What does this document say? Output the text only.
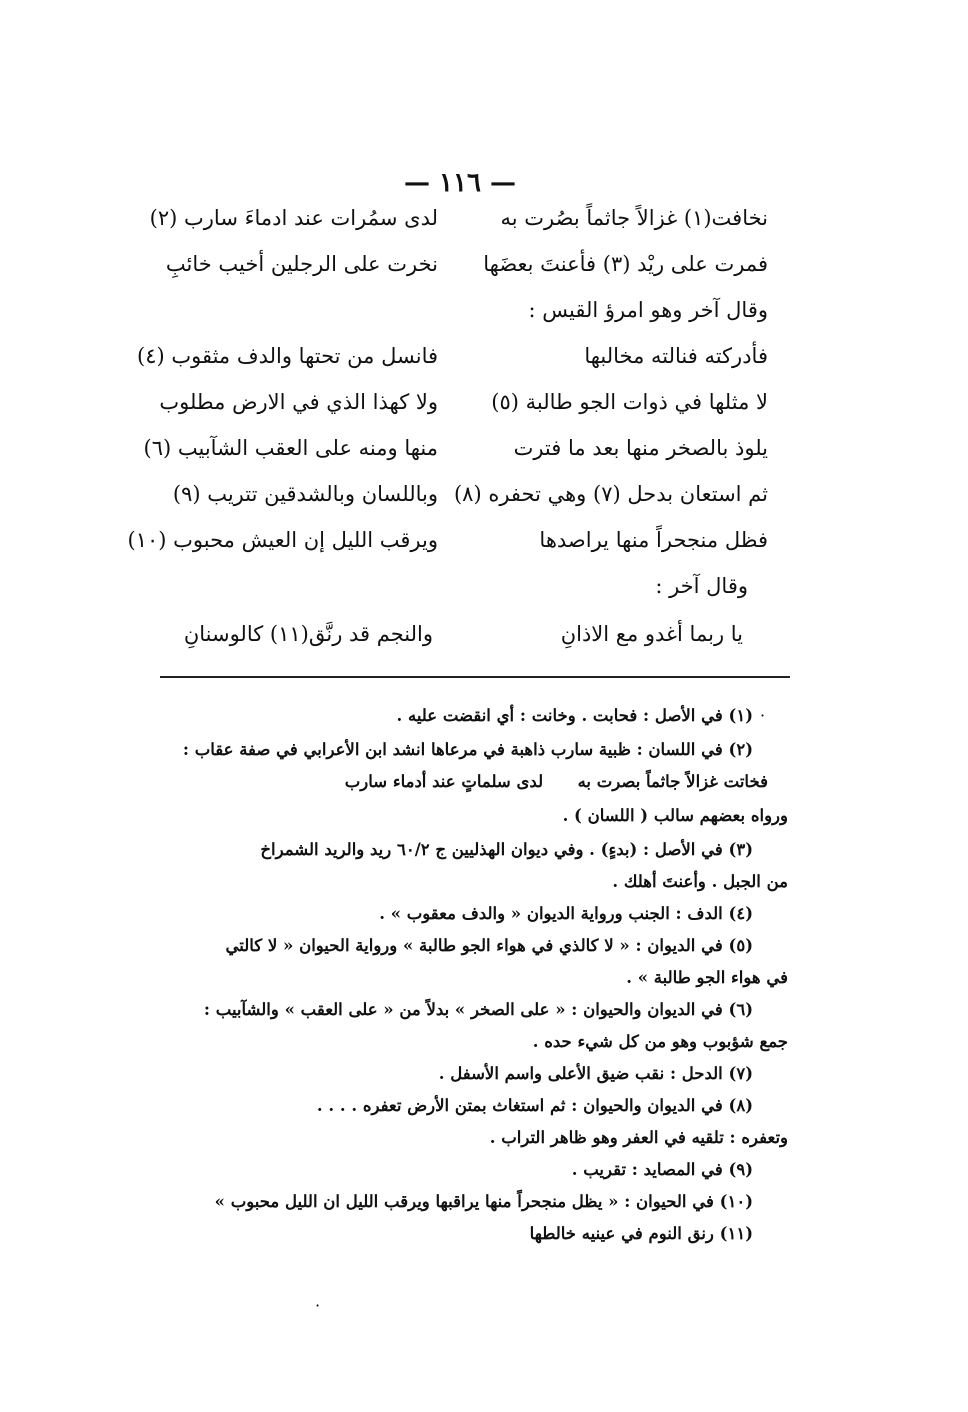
— ١١٦ —
نخافت(١) غزالاً جاثماً بصُرت به
لدى سمُرات عند ادماءَ سارب (٢)
فمرت على ريْد (٣) فأعنتَ بعضَها
نخرت على الرجلين أخيب خائبِ
وقال آخر وهو امرؤ القيس :
فأدركته فنالته مخالبها
فانسل من تحتها والدف مثقوب (٤)
لا مثلها في ذوات الجو طالبة (٥)
ولا كهذا الذي في الارض مطلوب
يلوذ بالصخر منها بعد ما فترت
منها ومنه على العقب الشآبيب (٦)
ثم استعان بدحل (٧) وهي تحفره (٨)
وباللسان وبالشدقين تتريب (٩)
فظل منجحراً منها يراصدها
ويرقب الليل إن العيش محبوب (١٠)
وقال آخر :
يا ربما أغدو مع الاذانِ
والنجم قد رنَّق(١١) كالوسنانِ
·
(١) في الأصل : فحابت . وخانت : أي انقضت عليه .
(٢) في اللسان : ظبية سارب ذاهبة في مرعاها انشد ابن الأعرابي في صفة عقاب :
فخاتت غزالاً جاثماً بصرت به      لدى سلماتٍ عند أدماء سارب
ورواه بعضهم سالب ( اللسان ) .
(٣) في الأصل : (بدءٍ) . وفي ديوان الهذليين ج ٦٠/٢ ريد والريد الشمراخ
من الجبل . وأعنتَ أهلك .
(٤) الدف : الجنب ورواية الديوان « والدف معقوب » .
(٥) في الديوان : « لا كالذي في هواء الجو طالبة » ورواية الحيوان « لا كالتي
في هواء الجو طالبة » .
(٦) في الديوان والحيوان : « على الصخر » بدلاً من « على العقب » والشآبيب :
جمع شؤبوب وهو من كل شيء حده .
(٧) الدحل : نقب ضيق الأعلى واسم الأسفل .
(٨) في الديوان والحيوان : ثم استغاث بمتن الأرض تعفره . . . .
وتعفره : تلقيه في العفر وهو ظاهر التراب .
(٩) في المصايد : تقريب .
(١٠) في الحيوان : « يظل منجحراً منها يراقبها ويرقب الليل ان الليل محبوب »
(١١) رنق النوم في عينيه خالطها
·
